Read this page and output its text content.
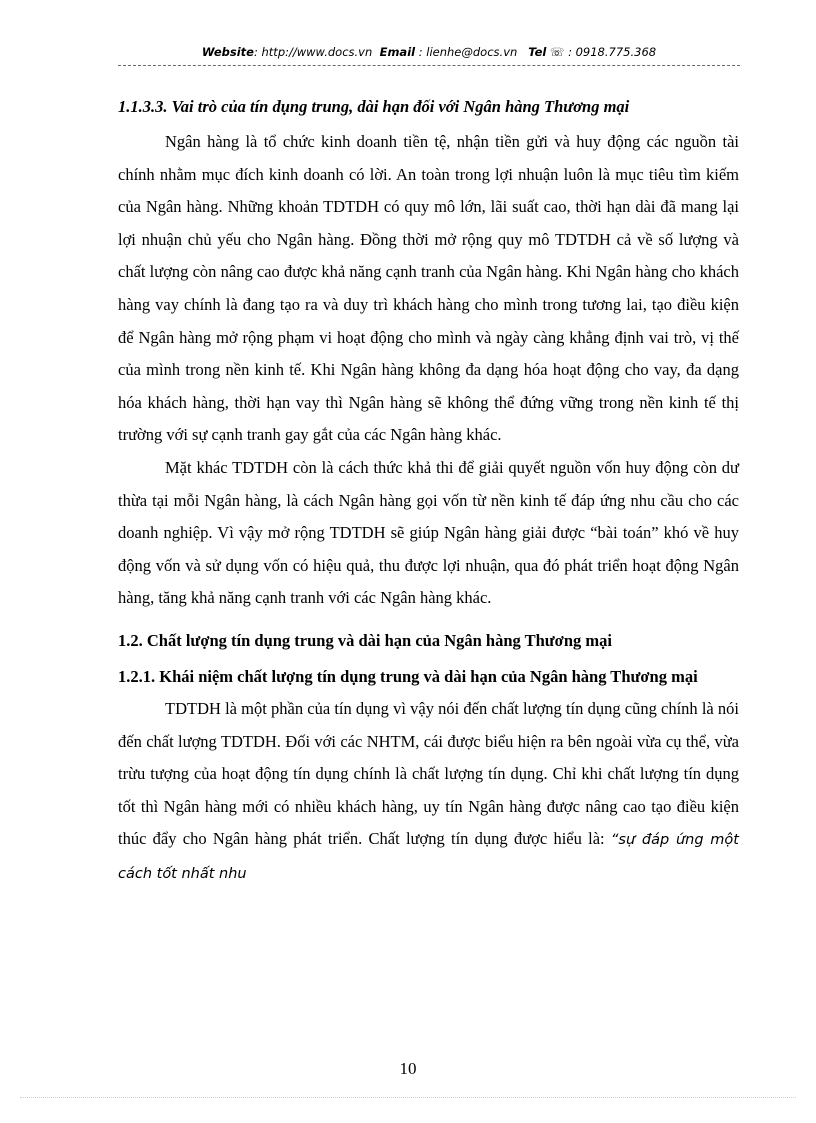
Website: http://www.docs.vn Email : lienhe@docs.vn Tel ☏ : 0918.775.368

1.1.3.3. Vai trò của tín dụng trung, dài hạn đối với Ngân hàng Thương mại

Ngân hàng là tổ chức kinh doanh tiền tệ, nhận tiền gửi và huy động các nguồn tài chính nhằm mục đích kinh doanh có lời. An toàn trong lợi nhuận luôn là mục tiêu tìm kiếm của Ngân hàng. Những khoản TDTDH có quy mô lớn, lãi suất cao, thời hạn dài đã mang lại lợi nhuận chủ yếu cho Ngân hàng. Đồng thời mở rộng quy mô TDTDH cả về số lượng và chất lượng còn nâng cao được khả năng cạnh tranh của Ngân hàng. Khi Ngân hàng cho khách hàng vay chính là đang tạo ra và duy trì khách hàng cho mình trong tương lai, tạo điều kiện để Ngân hàng mở rộng phạm vi hoạt động cho mình và ngày càng khẳng định vai trò, vị thế của mình trong nền kinh tế. Khi Ngân hàng không đa dạng hóa hoạt động cho vay, đa dạng hóa khách hàng, thời hạn vay thì Ngân hàng sẽ không thể đứng vững trong nền kinh tế thị trường với sự cạnh tranh gay gắt của các Ngân hàng khác.

Mặt khác TDTDH còn là cách thức khả thi để giải quyết nguồn vốn huy động còn dư thừa tại mỗi Ngân hàng, là cách Ngân hàng gọi vốn từ nền kinh tế đáp ứng nhu cầu cho các doanh nghiệp. Vì vậy mở rộng TDTDH sẽ giúp Ngân hàng giải được “bài toán” khó về huy động vốn và sử dụng vốn có hiệu quả, thu được lợi nhuận, qua đó phát triển hoạt động Ngân hàng, tăng khả năng cạnh tranh với các Ngân hàng khác.

1.2. Chất lượng tín dụng trung và dài hạn của Ngân hàng Thương mại

1.2.1. Khái niệm chất lượng tín dụng trung và dài hạn của Ngân hàng Thương mại

TDTDH là một phần của tín dụng vì vậy nói đến chất lượng tín dụng cũng chính là nói đến chất lượng TDTDH. Đối với các NHTM, cái được biểu hiện ra bên ngoài vừa cụ thể, vừa trừu tượng của hoạt động tín dụng chính là chất lượng tín dụng. Chỉ khi chất lượng tín dụng tốt thì Ngân hàng mới có nhiều khách hàng, uy tín Ngân hàng được nâng cao tạo điều kiện thúc đẩy cho Ngân hàng phát triển. Chất lượng tín dụng được hiểu là: “sự đáp ứng một cách tốt nhất nhu

10
